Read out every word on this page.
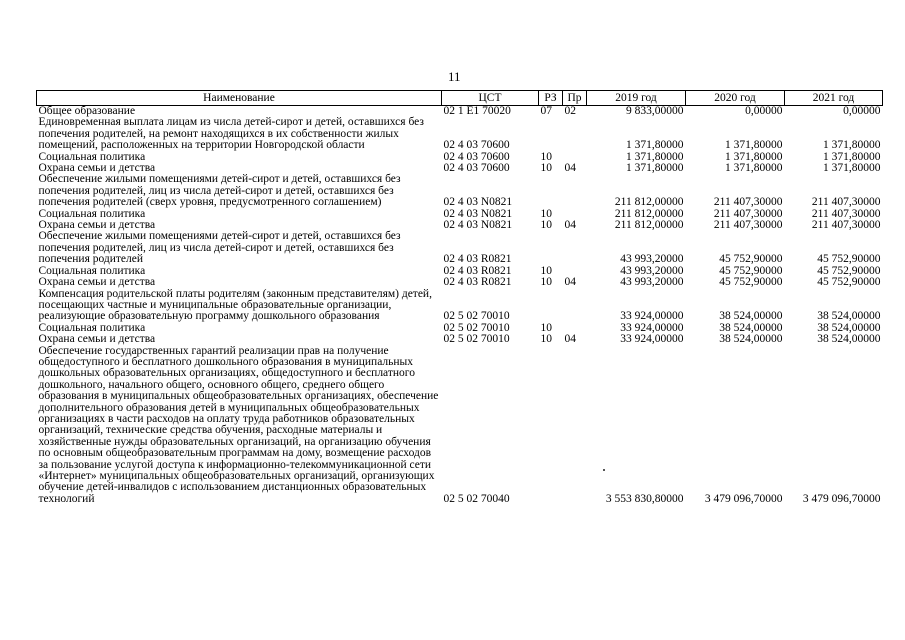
11
Наименование	ЦСТ	РЗ	Пр	2019 год	2020 год	2021 год
Общее образование	02 1 E1 70020	07	02	9 833,00000	0,00000	0,00000
Единовременная выплата лицам из числа детей-сирот и детей, оставшихся без попечения родителей, на ремонт находящихся в их собственности жилых помещений, расположенных на территории Новгородской области	02 4 03 70600			1 371,80000	1 371,80000	1 371,80000
Социальная политика	02 4 03 70600	10		1 371,80000	1 371,80000	1 371,80000
Охрана семьи и детства	02 4 03 70600	10	04	1 371,80000	1 371,80000	1 371,80000
Обеспечение жилыми помещениями детей-сирот и детей, оставшихся без попечения родителей, лиц из числа детей-сирот и детей, оставшихся без попечения родителей (сверх уровня, предусмотренного соглашением)	02 4 03 N0821			211 812,00000	211 407,30000	211 407,30000
Социальная политика	02 4 03 N0821	10		211 812,00000	211 407,30000	211 407,30000
Охрана семьи и детства	02 4 03 N0821	10	04	211 812,00000	211 407,30000	211 407,30000
Обеспечение жилыми помещениями детей-сирот и детей, оставшихся без попечения родителей, лиц из числа детей-сирот и детей, оставшихся без попечения родителей	02 4 03 R0821			43 993,20000	45 752,90000	45 752,90000
Социальная политика	02 4 03 R0821	10		43 993,20000	45 752,90000	45 752,90000
Охрана семьи и детства	02 4 03 R0821	10	04	43 993,20000	45 752,90000	45 752,90000
Компенсация родительской платы родителям (законным представителям) детей, посещающих частные и муниципальные образовательные организации, реализующие образовательную программу дошкольного образования	02 5 02 70010			33 924,00000	38 524,00000	38 524,00000
Социальная политика	02 5 02 70010	10		33 924,00000	38 524,00000	38 524,00000
Охрана семьи и детства	02 5 02 70010	10	04	33 924,00000	38 524,00000	38 524,00000
Обеспечение государственных гарантий реализации прав на получение общедоступного и бесплатного дошкольного образования в муниципальных дошкольных образовательных организациях, общедоступного и бесплатного дошкольного, начального общего, основного общего, среднего общего образования в муниципальных общеобразовательных организациях, обеспечение дополнительного образования детей в муниципальных общеобразовательных организациях в части расходов на оплату труда работников образовательных организаций, технические средства обучения, расходные материалы и хозяйственные нужды образовательных организаций, на организацию обучения по основным общеобразовательным программам на дому, возмещение расходов за пользование услугой доступа к информационно-телекоммуникационной сети «Интернет» муниципальных общеобразовательных организаций, организующих обучение детей-инвалидов с использованием дистанционных образовательных технологий	02 5 02 70040			3 553 830,80000	3 479 096,70000	3 479 096,70000
